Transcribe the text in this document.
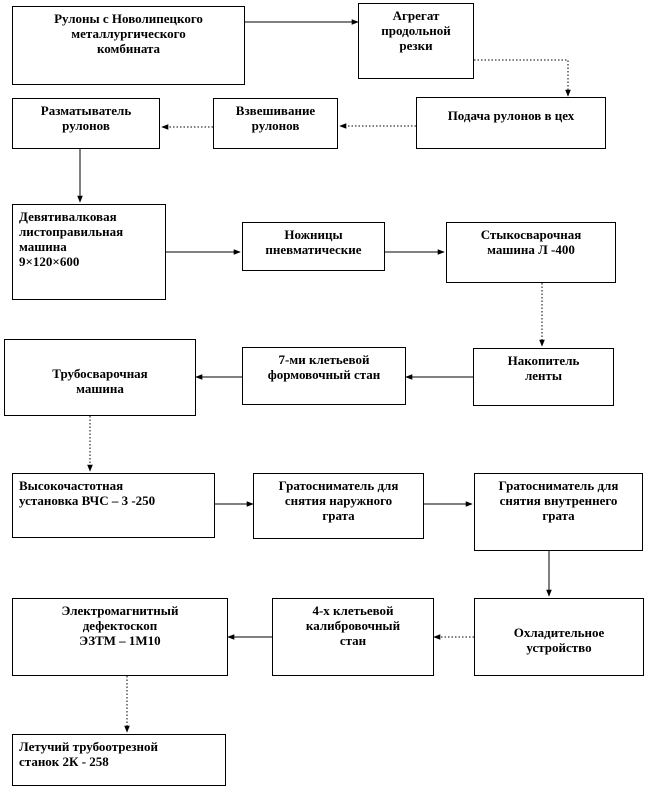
Рулоны с Новолипецкого
металлургического
комбината
Агрегат
продольной
резки
Подача рулонов в цех
Взвешивание
рулонов
Разматыватель
рулонов
Девятивалковая
листоправильная
машина
9×120×600
Ножницы
пневматические
Стыкосварочная
машина Л -400
Накопитель
ленты
7-ми клетьевой
формовочный стан
Трубосварочная
машина
Высокочастотная
установка ВЧС – 3 -250
Гратосниматель для
снятия наружного
грата
Гратосниматель для
снятия внутреннего
грата
Охладительное
устройство
4-х клетьевой
калибровочный
стан
Электромагнитный
дефектоскоп
ЭЗТМ – 1М10
Летучий трубоотрезной
станок 2К - 258
